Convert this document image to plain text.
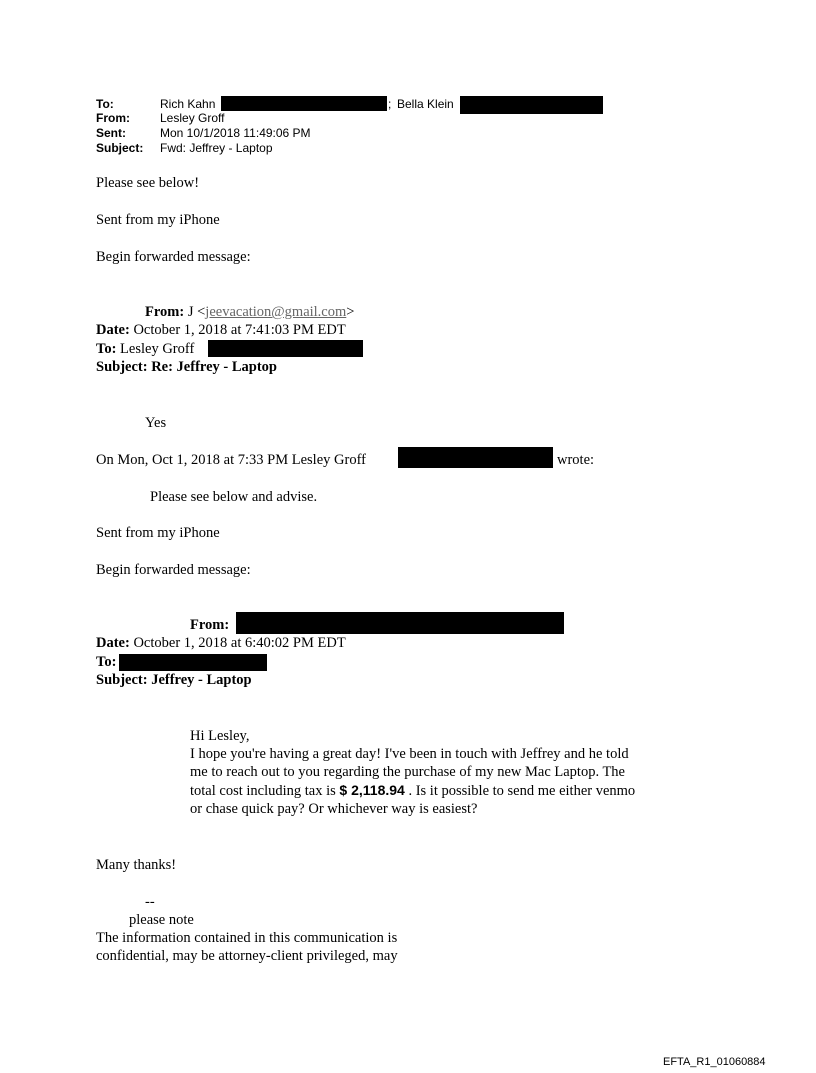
To:	Rich Kahn	; Bella Klein
From:	Lesley Groff
Sent:	Mon 10/1/2018 11:49:06 PM
Subject: Fwd: Jeffrey - Laptop
Please see below!
Sent from my iPhone
Begin forwarded message:
From: J <jeevacation@gmail.com>
Date: October 1, 2018 at 7:41:03 PM EDT
To: Lesley Groff
Subject: Re: Jeffrey - Laptop
Yes
On Mon, Oct 1, 2018 at 7:33 PM Lesley Groff	wrote:
Please see below and advise.
Sent from my iPhone
Begin forwarded message:
From:
Date: October 1, 2018 at 6:40:02 PM EDT
To:
Subject: Jeffrey - Laptop
Hi Lesley,
I hope you're having a great day! I've been in touch with Jeffrey and he told me to reach out to you regarding the purchase of my new Mac Laptop. The total cost including tax is $ 2,118.94 . Is it possible to send me either venmo or chase quick pay? Or whichever way is easiest?
Many thanks!
--
please note
The information contained in this communication is
confidential, may be attorney-client privileged, may
EFTA_R1_01060884
